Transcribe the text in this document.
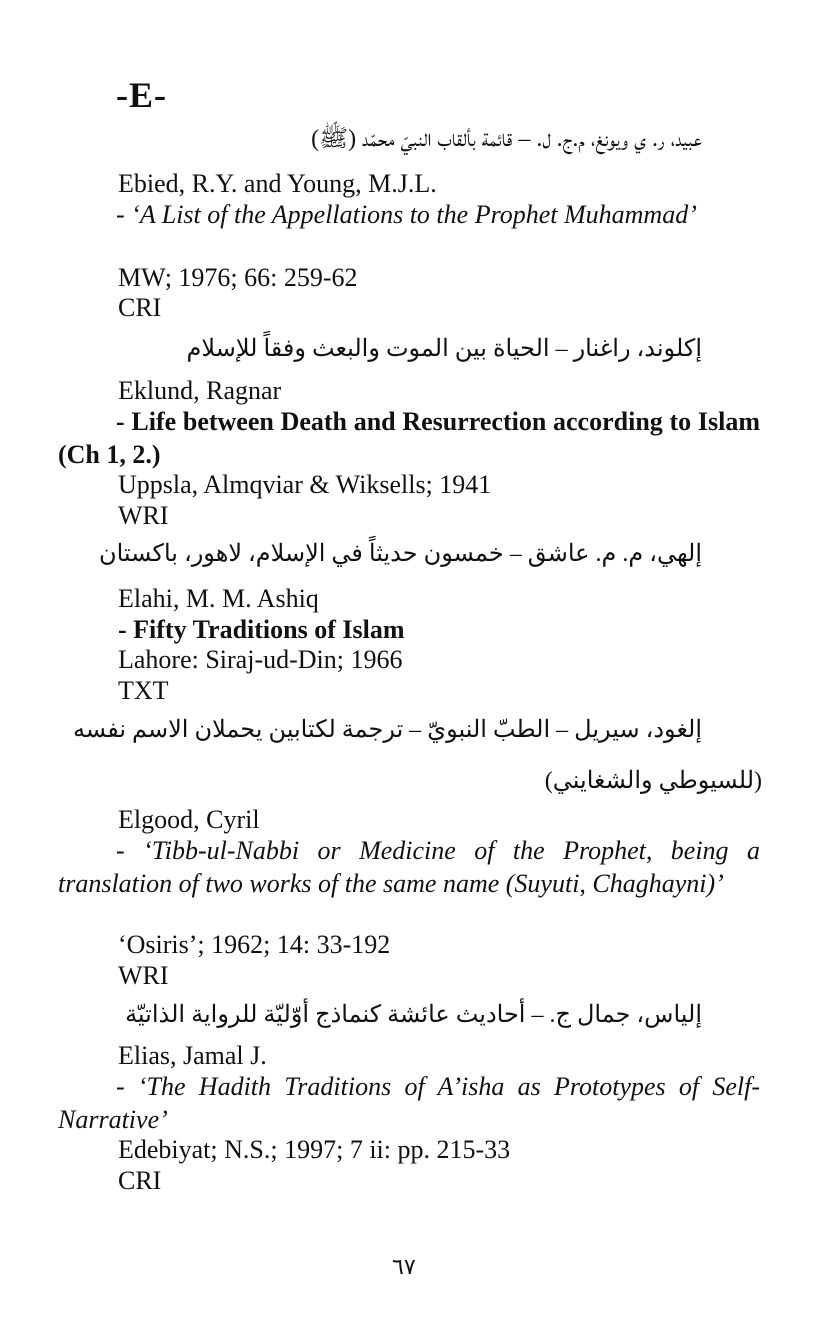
-E-
عبيد، ر. ي ويونغ، م.ج. ل. – قائمة بألقاب النبيّ محمّد (ﷺ)
Ebied, R.Y. and Young, M.J.L.
- ‘A List of the Appellations to the Prophet Muhammad’
MW; 1976; 66: 259-62
CRI
إكلوند، راغنار – الحياة بين الموت والبعث وفقاً للإسلام
Eklund, Ragnar
- Life between Death and Resurrection according to Islam (Ch 1, 2.)
Uppsla, Almqviar & Wiksells; 1941
WRI
إلهي، م. م. عاشق – خمسون حديثاً في الإسلام، لاهور، باكستان
Elahi, M. M. Ashiq
- Fifty Traditions of Islam
Lahore: Siraj-ud-Din; 1966
TXT
إلغود، سيريل – الطبّ النبويّ – ترجمة لكتابين يحملان الاسم نفسه
(للسيوطي والشغايني)
Elgood, Cyril
- ‘Tibb-ul-Nabbi or Medicine of the Prophet, being a translation of two works of the same name (Suyuti, Chaghayni)’
‘Osiris’; 1962; 14: 33-192
WRI
إلياس، جمال ج. – أحاديث عائشة كنماذج أوّليّة للرواية الذاتيّة
Elias, Jamal J.
- ‘The Hadith Traditions of A’isha as Prototypes of Self-Narrative’
Edebiyat; N.S.; 1997; 7 ii: pp. 215-33
CRI
٦٧
